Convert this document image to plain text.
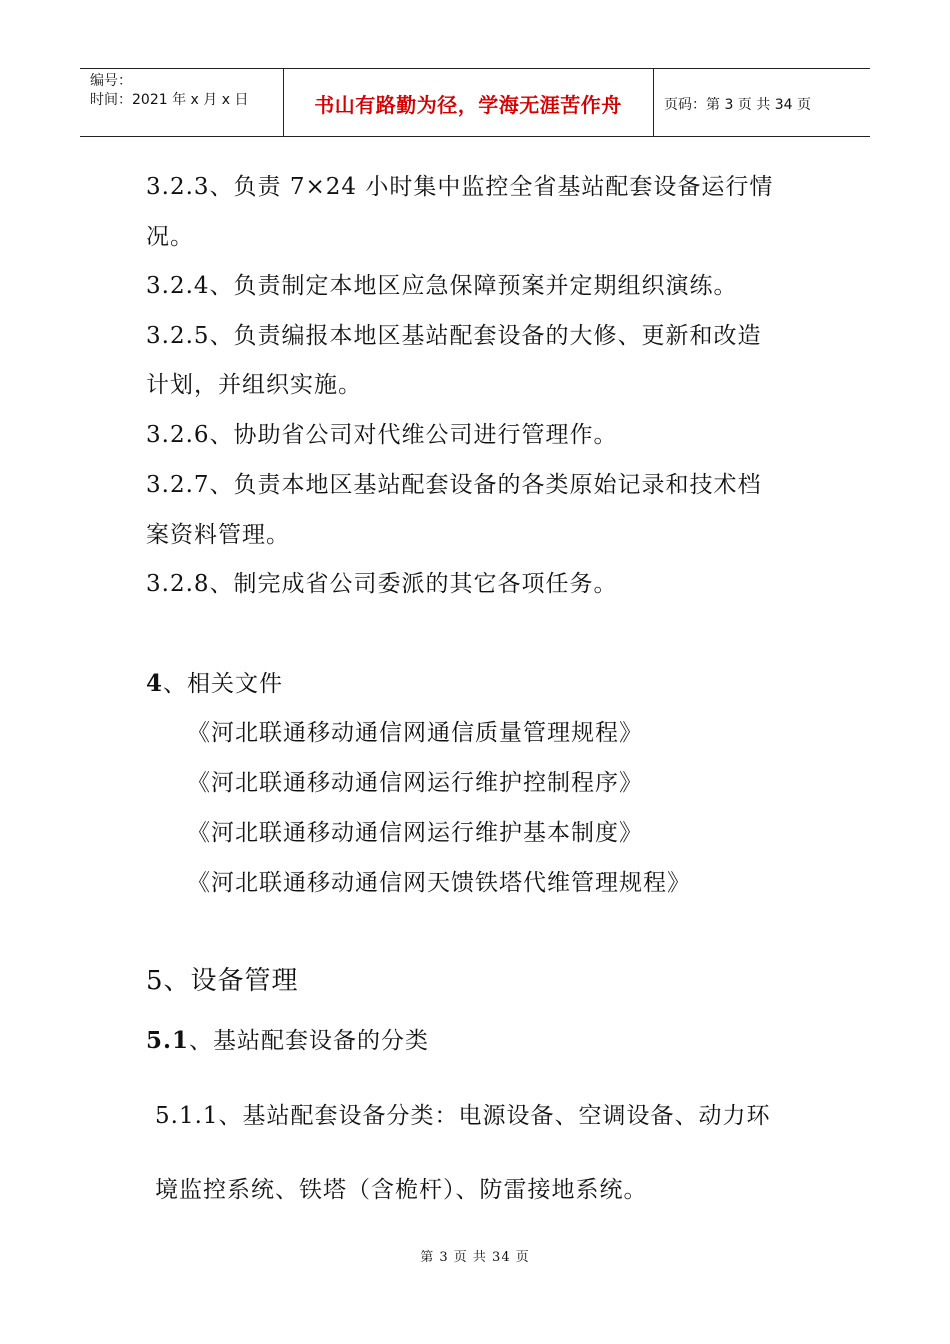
编号：
时间：2021 年 x 月 x 日	书山有路勤为径，学海无涯苦作舟	页码：第 3 页 共 34 页
3.2.3、负责 7×24 小时集中监控全省基站配套设备运行情
况。
3.2.4、负责制定本地区应急保障预案并定期组织演练。
3.2.5、负责编报本地区基站配套设备的大修、更新和改造
计划，并组织实施。
3.2.6、协助省公司对代维公司进行管理作。
3.2.7、负责本地区基站配套设备的各类原始记录和技术档
案资料管理。
3.2.8、制完成省公司委派的其它各项任务。
4、相关文件
《河北联通移动通信网通信质量管理规程》
《河北联通移动通信网运行维护控制程序》
《河北联通移动通信网运行维护基本制度》
《河北联通移动通信网天馈铁塔代维管理规程》
5、设备管理
5.1、基站配套设备的分类
5.1.1、基站配套设备分类：电源设备、空调设备、动力环
境监控系统、铁塔（含桅杆）、防雷接地系统。
第 3 页 共 34 页
